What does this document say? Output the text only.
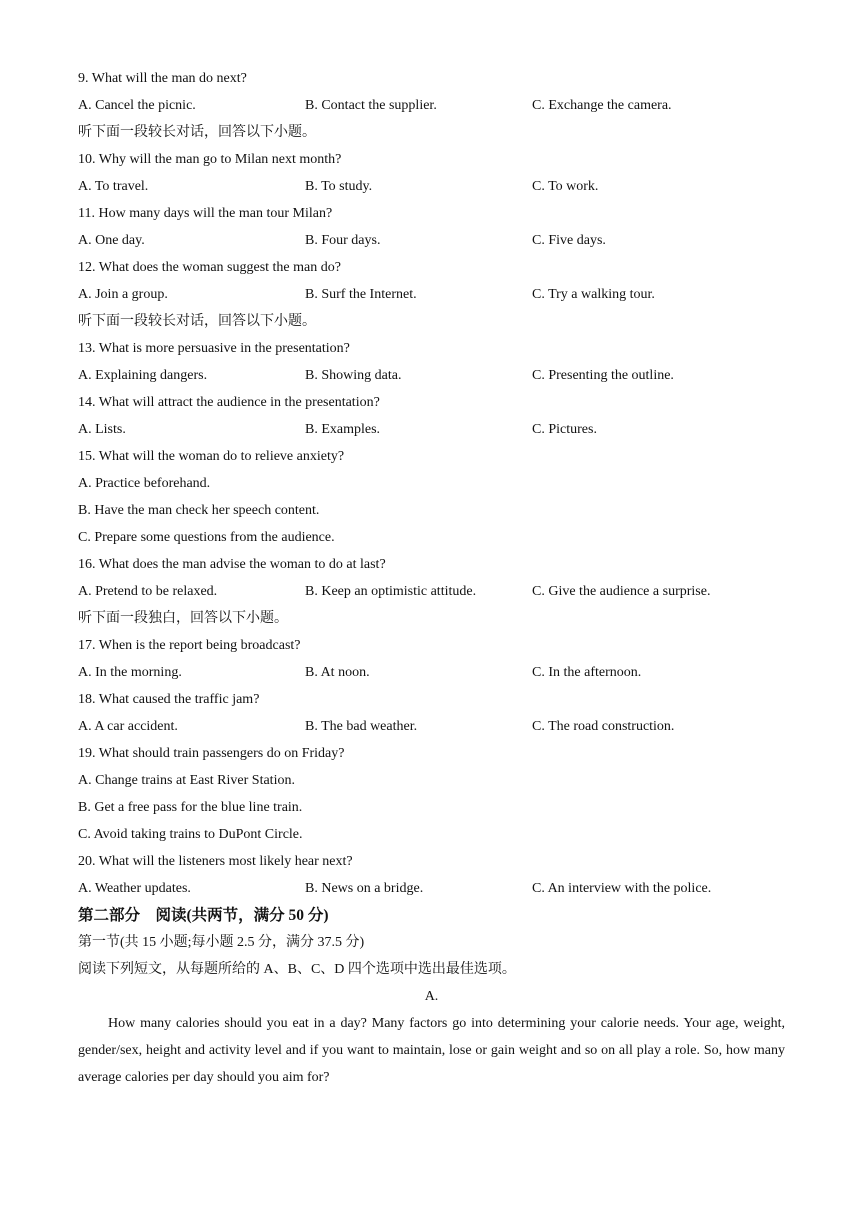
9. What will the man do next?
A. Cancel the picnic.	B. Contact the supplier.	C. Exchange the camera.
听下面一段较长对话，回答以下小题。
10. Why will the man go to Milan next month?
A. To travel.	B. To study.	C. To work.
11. How many days will the man tour Milan?
A. One day.	B. Four days.	C. Five days.
12. What does the woman suggest the man do?
A. Join a group.	B. Surf the Internet.	C. Try a walking tour.
听下面一段较长对话，回答以下小题。
13. What is more persuasive in the presentation?
A. Explaining dangers.	B. Showing data.	C. Presenting the outline.
14. What will attract the audience in the presentation?
A. Lists.	B. Examples.	C. Pictures.
15. What will the woman do to relieve anxiety?
A. Practice beforehand.
B. Have the man check her speech content.
C. Prepare some questions from the audience.
16. What does the man advise the woman to do at last?
A. Pretend to be relaxed.	B. Keep an optimistic attitude.	C. Give the audience a surprise.
听下面一段独白，回答以下小题。
17. When is the report being broadcast?
A. In the morning.	B. At noon.	C. In the afternoon.
18. What caused the traffic jam?
A. A car accident.	B. The bad weather.	C. The road construction.
19. What should train passengers do on Friday?
A. Change trains at East River Station.
B. Get a free pass for the blue line train.
C. Avoid taking trains to DuPont Circle.
20. What will the listeners most likely hear next?
A. Weather updates.	B. News on a bridge.	C. An interview with the police.
第二部分　阅读(共两节，满分 50 分)
第一节(共 15 小题;每小题 2.5 分，满分 37.5 分)
阅读下列短文，从每题所给的 A、B、C、D 四个选项中选出最佳选项。
A.
How many calories should you eat in a day? Many factors go into determining your calorie needs. Your age, weight, gender/sex, height and activity level and if you want to maintain, lose or gain weight and so on all play a role. So, how many average calories per day should you aim for?
